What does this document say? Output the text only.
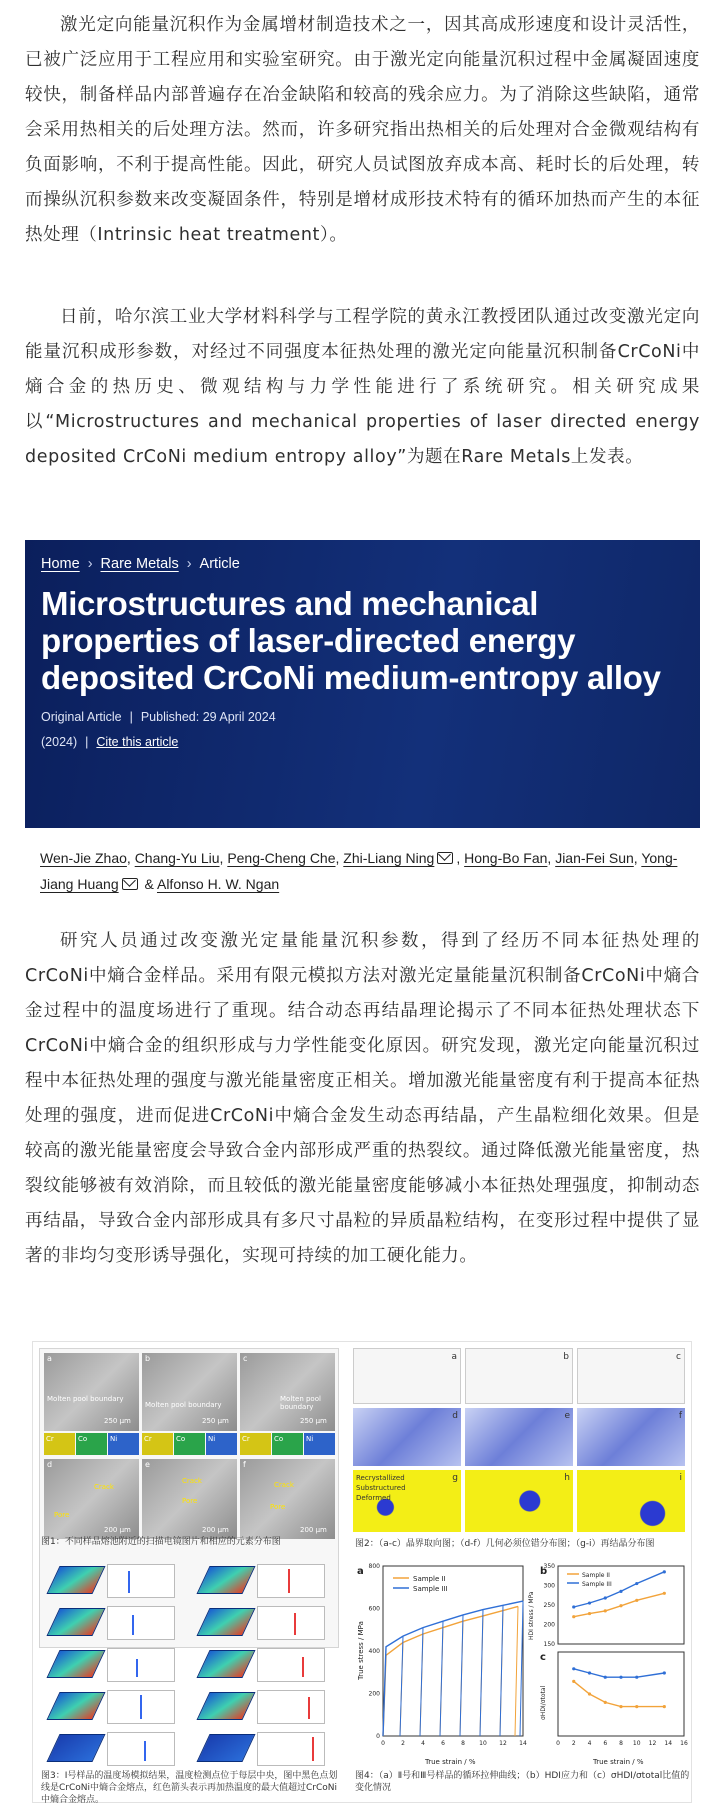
激光定向能量沉积作为金属增材制造技术之一，因其高成形速度和设计灵活性，已被广泛应用于工程应用和实验室研究。由于激光定向能量沉积过程中金属凝固速度较快，制备样品内部普遍存在冶金缺陷和较高的残余应力。为了消除这些缺陷，通常会采用热相关的后处理方法。然而，许多研究指出热相关的后处理对合金微观结构有负面影响，不利于提高性能。因此，研究人员试图放弃成本高、耗时长的后处理，转而操纵沉积参数来改变凝固条件，特别是增材成形技术特有的循环加热而产生的本征热处理（Intrinsic heat treatment）。

日前，哈尔滨工业大学材料科学与工程学院的黄永江教授团队通过改变激光定向能量沉积成形参数，对经过不同强度本征热处理的激光定向能量沉积制备CrCoNi中熵合金的热历史、微观结构与力学性能进行了系统研究。相关研究成果以“Microstructures and mechanical properties of laser directed energy deposited CrCoNi medium entropy alloy”为题在Rare Metals上发表。

Home › Rare Metals › Article
Microstructures and mechanical properties of laser-directed energy deposited CrCoNi medium-entropy alloy
Original Article | Published: 29 April 2024
(2024) | Cite this article
Wen-Jie Zhao, Chang-Yu Liu, Peng-Cheng Che, Zhi-Liang Ning , Hong-Bo Fan, Jian-Fei Sun, Yong-Jiang Huang & Alfonso H. W. Ngan

研究人员通过改变激光定量能量沉积参数，得到了经历不同本征热处理的CrCoNi中熵合金样品。采用有限元模拟方法对激光定量能量沉积制备CrCoNi中熵合金过程中的温度场进行了重现。结合动态再结晶理论揭示了不同本征热处理状态下CrCoNi中熵合金的组织形成与力学性能变化原因。研究发现，激光定向能量沉积过程中本征热处理的强度与激光能量密度正相关。增加激光能量密度有利于提高本征热处理的强度，进而促进CrCoNi中熵合金发生动态再结晶，产生晶粒细化效果。但是较高的激光能量密度会导致合金内部形成严重的热裂纹。通过降低激光能量密度，热裂纹能够被有效消除，而且较低的激光能量密度能够减小本征热处理强度，抑制动态再结晶，导致合金内部形成具有多尺寸晶粒的异质晶粒结构，在变形过程中提供了显著的非均匀变形诱导强化，实现可持续的加工硬化能力。

a
Molten pool boundary
250 μm
b
Molten pool boundary
250 μm
c
Molten pool boundary
250 μm
Cr	Co	Ni	Cr	Co	Ni	Cr	Co	Ni
d
Crack
Pore
200 μm
e
Crack
Pore
200 μm
f
Crack
Pore
200 μm
图1：不同样品熔池附近的扫描电镜图片和相应的元素分布图
a	b	c
d	e	f
Recrystallized
Substructured
Deformed
g	h	i
图2：（a-c）晶界取向图；（d-f）几何必须位错分布图；（g-i）再结晶分布图
图3：Ⅰ号样品的温度场模拟结果，温度检测点位于每层中央，图中黑色点划线是CrCoNi中熵合金熔点，红色箭头表示再加热温度的最大值超过CrCoNi中熵合金熔点。
a
0
200
400
600
800
0	2	4	6	8 10 12 14
True stress / MPa
True strain / %
Sample II
Sample III
b
150
200
250
300
350
HDI stress / MPa
Sample II
Sample III
c
0 2 4 6 8 10 12 14 16
σHDI/σtotal
True strain / %
图4：（a）Ⅱ号和Ⅲ号样品的循环拉伸曲线；（b）HDI应力和（c）σHDI/σtotal比值的变化情况
